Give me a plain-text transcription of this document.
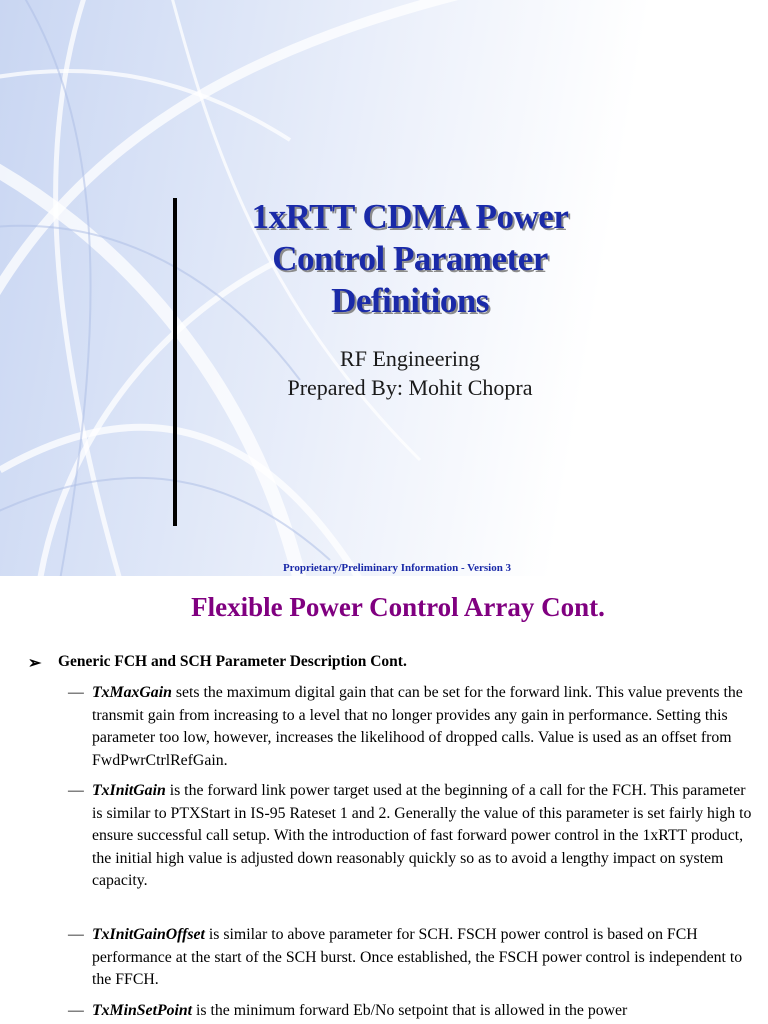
1xRTT CDMA Power
Control Parameter
Definitions
RF Engineering
Prepared By: Mohit Chopra
Proprietary/Preliminary Information - Version 3
Flexible Power Control Array Cont.
➢ Generic FCH and SCH Parameter Description Cont.
— TxMaxGain sets the maximum digital gain that can be set for the forward link. This value prevents the transmit gain from increasing to a level that no longer provides any gain in performance. Setting this parameter too low, however, increases the likelihood of dropped calls. Value is used as an offset from FwdPwrCtrlRefGain.
— TxInitGain is the forward link power target used at the beginning of a call for the FCH. This parameter is similar to PTXStart in IS-95 Rateset 1 and 2. Generally the value of this parameter is set fairly high to ensure successful call setup. With the introduction of fast forward power control in the 1xRTT product, the initial high value is adjusted down reasonably quickly so as to avoid a lengthy impact on system capacity.
— TxInitGainOffset is similar to above parameter for SCH. FSCH power control is based on FCH performance at the start of the SCH burst. Once established, the FSCH power control is independent to the FFCH.
— TxMinSetPoint is the minimum forward Eb/No setpoint that is allowed in the power
